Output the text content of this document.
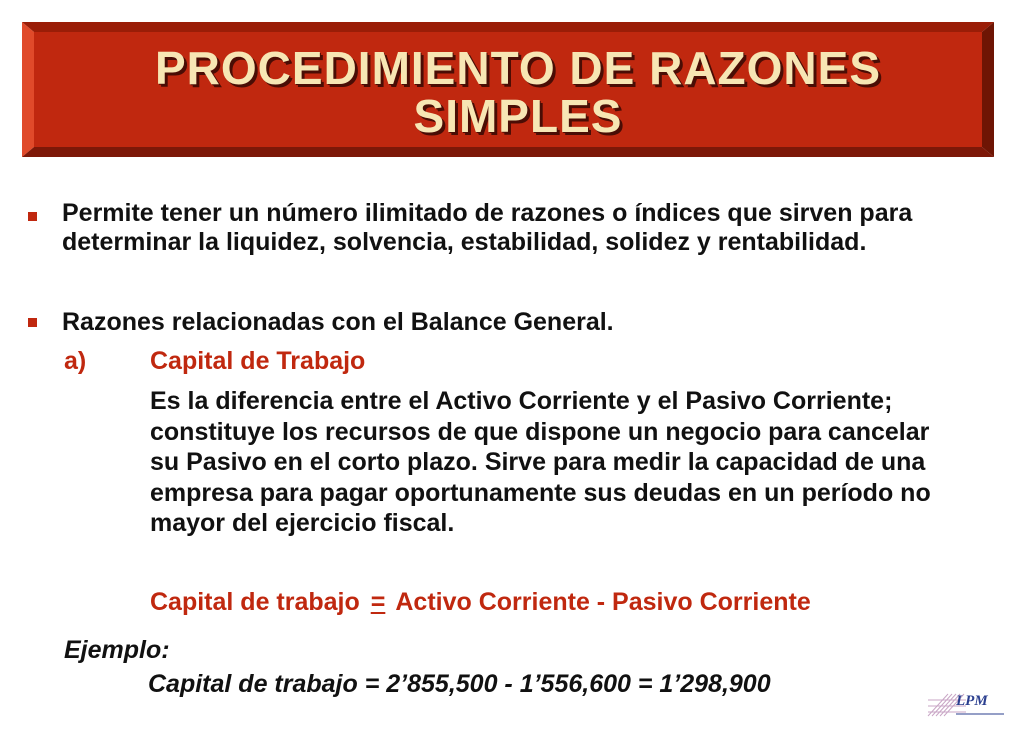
PROCEDIMIENTO DE RAZONES
SIMPLES
Permite tener un número ilimitado de razones o índices que sirven para determinar la liquidez, solvencia, estabilidad, solidez y rentabilidad.
Razones relacionadas con el Balance General.
a)	Capital de Trabajo
Es la diferencia entre el Activo Corriente y el Pasivo Corriente; constituye los recursos de que dispone un negocio para cancelar su Pasivo en el corto plazo. Sirve para medir la capacidad de una empresa para pagar oportunamente sus deudas en un período no mayor del ejercicio fiscal.
Capital de trabajo = Activo Corriente - Pasivo Corriente
Ejemplo:
Capital de trabajo = 2’855,500 - 1’556,600 = 1’298,900
LPM
